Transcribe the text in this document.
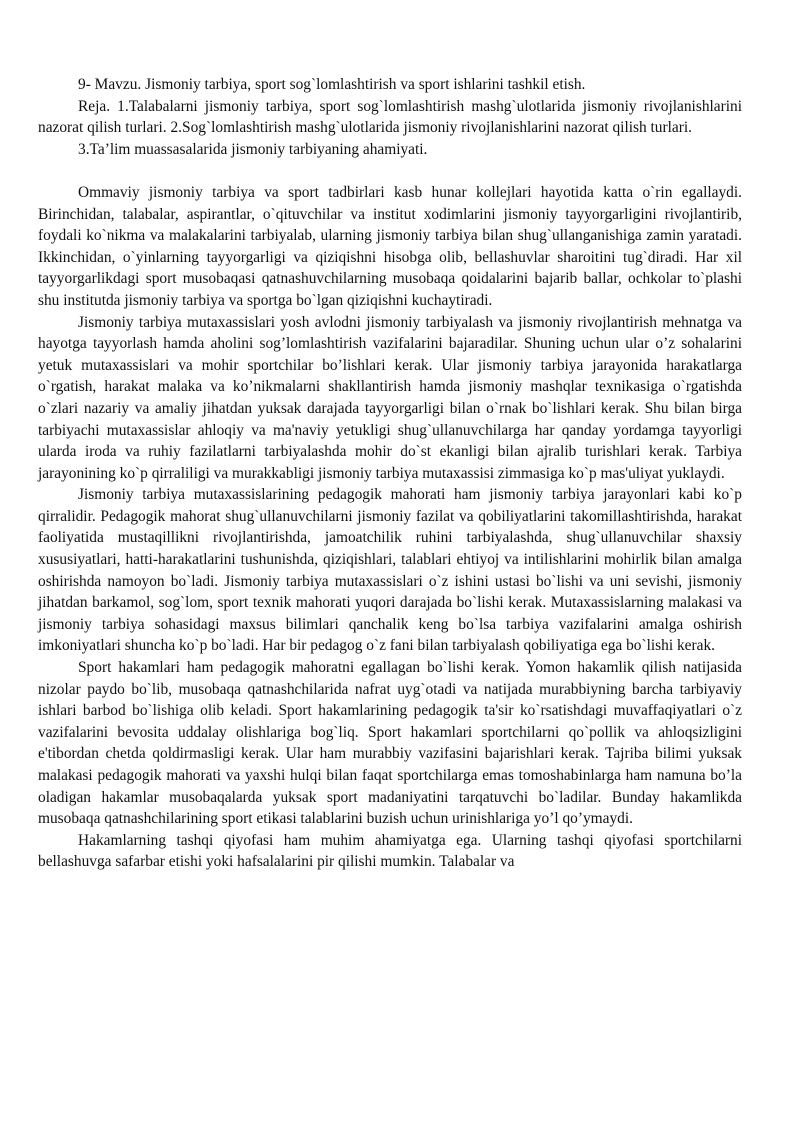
9- Mavzu. Jismoniy tarbiya, sport sog`lomlashtirish va sport ishlarini tashkil etish.

Reja. 1.Talabalarni jismoniy tarbiya, sport sog`lomlashtirish mashg`ulotlarida jismoniy rivojlanishlarini nazorat qilish turlari. 2.Sog`lomlashtirish mashg`ulotlarida jismoniy rivojlanishlarini nazorat qilish turlari.

3.Ta’lim muassasalarida jismoniy tarbiyaning ahamiyati.

Ommaviy jismoniy tarbiya va sport tadbirlari kasb hunar kollejlari hayotida katta o`rin egallaydi. Birinchidan, talabalar, aspirantlar, o`qituvchilar va institut xodimlarini jismoniy tayyorgarligini rivojlantirib, foydali ko`nikma va malakalarini tarbiyalab, ularning jismoniy tarbiya bilan shug`ullanganishiga zamin yaratadi. Ikkinchidan, o`yinlarning tayyorgarligi va qiziqishni hisobga olib, bellashuvlar sharoitini tug`diradi. Har xil tayyorgarlikdagi sport musobaqasi qatnashuvchilarning musobaqa qoidalarini bajarib ballar, ochkolar to`plashi shu institutda jismoniy tarbiya va sportga bo`lgan qiziqishni kuchaytiradi.

Jismoniy tarbiya mutaxassislari yosh avlodni jismoniy tarbiyalash va jismoniy rivojlantirish mehnatga va hayotga tayyorlash hamda aholini sog’lomlashtirish vazifalarini bajaradilar. Shuning uchun ular o’z sohalarini yetuk mutaxassislari va mohir sportchilar bo’lishlari kerak. Ular jismoniy tarbiya jarayonida harakatlarga o`rgatish, harakat malaka va ko’nikmalarni shakllantirish hamda jismoniy mashqlar texnikasiga o`rgatishda o`zlari nazariy va amaliy jihatdan yuksak darajada tayyorgarligi bilan o`rnak bo`lishlari kerak. Shu bilan birga tarbiyachi mutaxassislar ahloqiy va ma'naviy yetukligi shug`ullanuvchilarga har qanday yordamga tayyorligi ularda iroda va ruhiy fazilatlarni tarbiyalashda mohir do`st ekanligi bilan ajralib turishlari kerak. Tarbiya jarayonining ko`p qirraliligi va murakkabligi jismoniy tarbiya mutaxassisi zimmasiga ko`p mas'uliyat yuklaydi.

Jismoniy tarbiya mutaxassislarining pedagogik mahorati ham jismoniy tarbiya jarayonlari kabi ko`p qirralidir. Pedagogik mahorat shug`ullanuvchilarni jismoniy fazilat va qobiliyatlarini takomillashtirishda, harakat faoliyatida mustaqillikni rivojlantirishda, jamoatchilik ruhini tarbiyalashda, shug`ullanuvchilar shaxsiy xususiyatlari, hatti-harakatlarini tushunishda, qiziqishlari, talablari ehtiyoj va intilishlarini mohirlik bilan amalga oshirishda namoyon bo`ladi. Jismoniy tarbiya mutaxassislari o`z ishini ustasi bo`lishi va uni sevishi, jismoniy jihatdan barkamol, sog`lom, sport texnik mahorati yuqori darajada bo`lishi kerak. Mutaxassislarning malakasi va jismoniy tarbiya sohasidagi maxsus bilimlari qanchalik keng bo`lsa tarbiya vazifalarini amalga oshirish imkoniyatlari shuncha ko`p bo`ladi. Har bir pedagog o`z fani bilan tarbiyalash qobiliyatiga ega bo`lishi kerak.

Sport hakamlari ham pedagogik mahoratni egallagan bo`lishi kerak. Yomon hakamlik qilish natijasida nizolar paydo bo`lib, musobaqa qatnashchilarida nafrat uyg`otadi va natijada murabbiyning barcha tarbiyaviy ishlari barbod bo`lishiga olib keladi. Sport hakamlarining pedagogik ta'sir ko`rsatishdagi muvaffaqiyatlari o`z vazifalarini bevosita uddalay olishlariga bog`liq. Sport hakamlari sportchilarni qo`pollik va ahloqsizligini e'tibordan chetda qoldirmasligi kerak. Ular ham murabbiy vazifasini bajarishlari kerak. Tajriba bilimi yuksak malakasi pedagogik mahorati va yaxshi hulqi bilan faqat sportchilarga emas tomoshabinlarga ham namuna bo’la oladigan hakamlar musobaqalarda yuksak sport madaniyatini tarqatuvchi bo`ladilar. Bunday hakamlikda musobaqa qatnashchilarining sport etikasi talablarini buzish uchun urinishlariga yo’l qo’ymaydi.

Hakamlarning tashqi qiyofasi ham muhim ahamiyatga ega. Ularning tashqi qiyofasi sportchilarni bellashuvga safarbar etishi yoki hafsalalarini pir qilishi mumkin. Talabalar va
